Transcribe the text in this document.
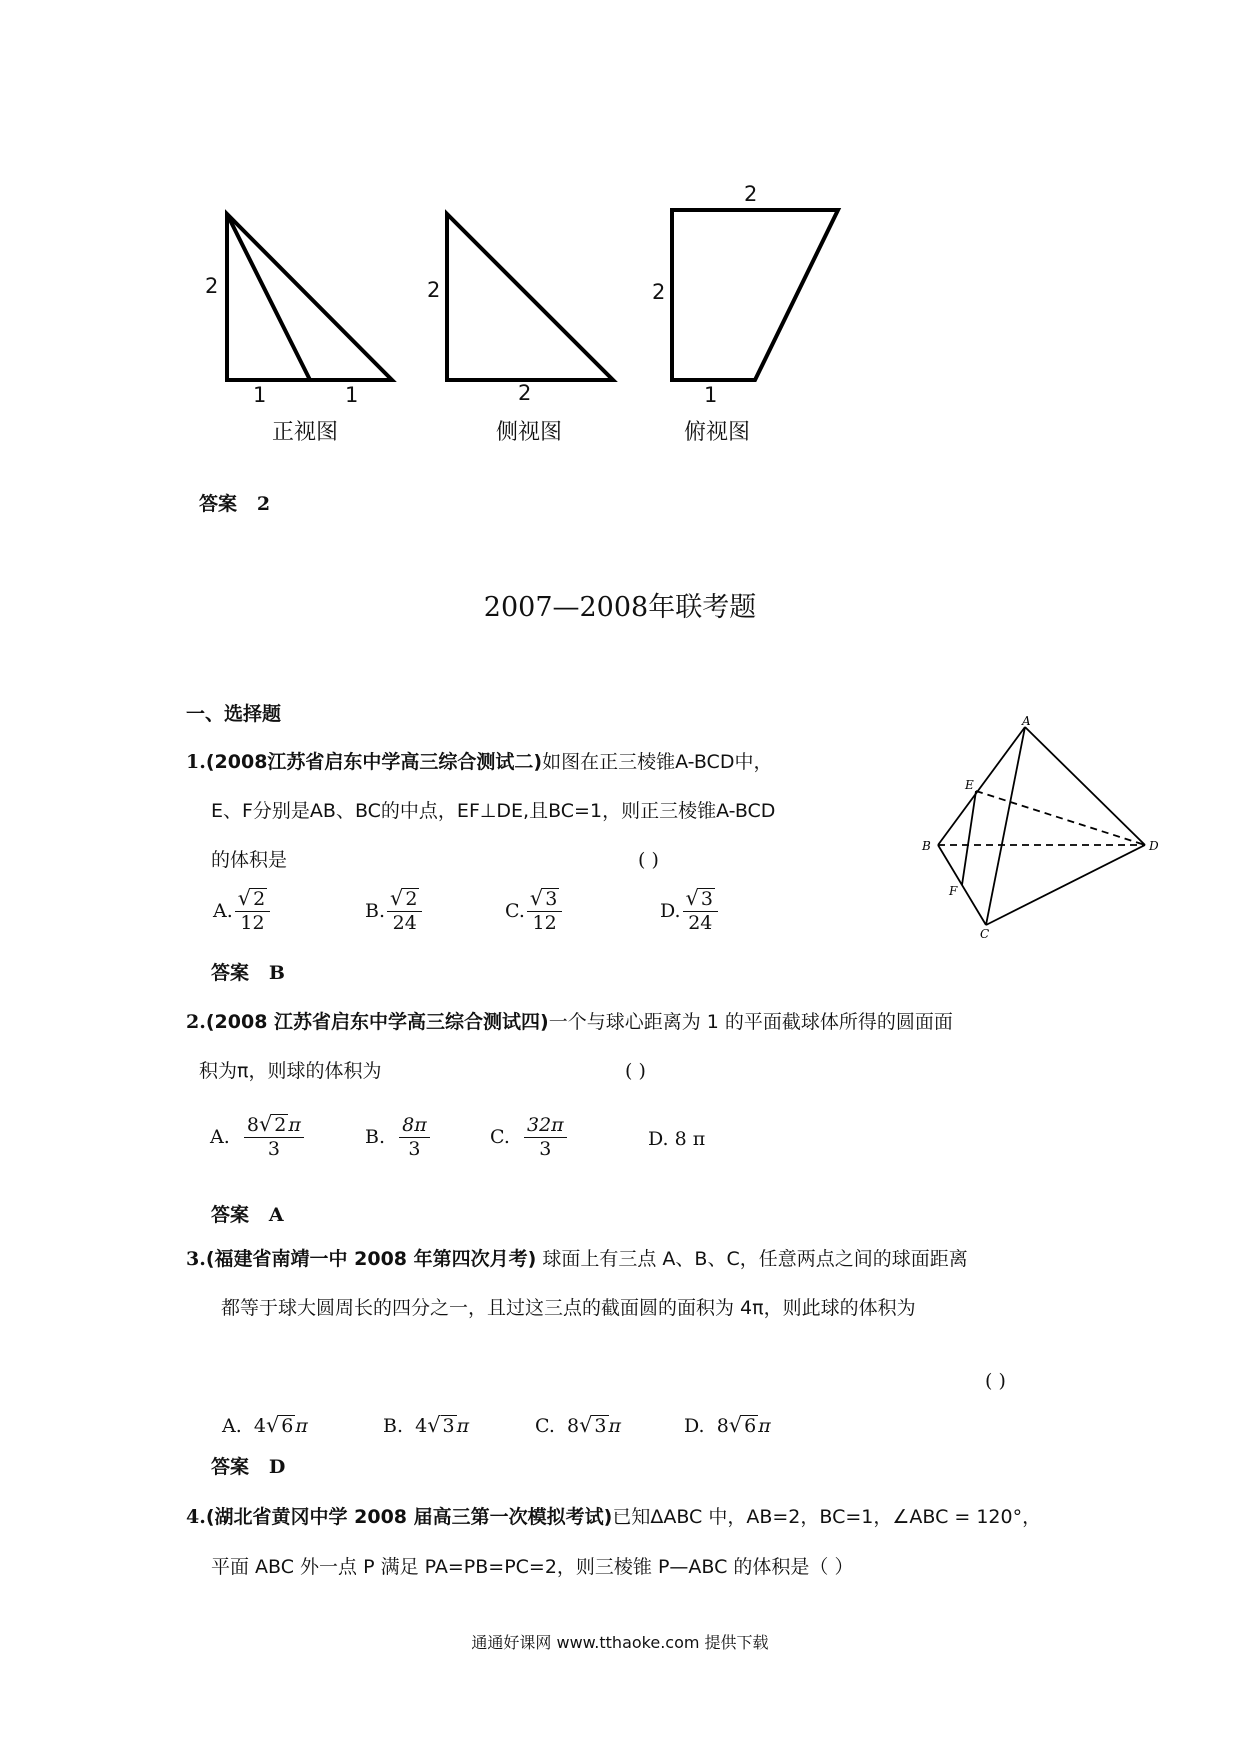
2
1	1
正视图
2
2
侧视图
2
2
1
俯视图
答案 2
2007—2008年联考题
一、选择题
1.(2008江苏省启东中学高三综合测试二)如图在正三棱锥A-BCD中，
E、F分别是AB、BC的中点，EF⊥DE,且BC=1，则正三棱锥A-BCD
的体积是	( )
A. $\frac{√ 2}{12}$	B. $\frac{√ 2}{24}$	C. $\frac{√ 3}{12}$	D. $\frac{√ 3}{24}$
答案 B
A
B
C
D
E
F
2.(2008 江苏省启东中学高三综合测试四)一个与球心距离为 1 的平面截球体所得的圆面面
积为π，则球的体积为	( )
A.
$\frac{8 √ 2 \pi}{3}$	B.
$\frac{8\pi}{3}$	C.
$\frac{32\pi}{3}$	D.
8 π
答案 A
3.(福建省南靖一中 2008 年第四次月考) 球面上有三点 A、B、C，任意两点之间的球面距离
都等于球大圆周长的四分之一，且过这三点的截面圆的面积为 4π，则此球的体积为
( )
A.
4 √ 6 π	B.
4 √ 3 π	C.
8 √ 3 π	D.
8 √ 6 π
答案 D
4.(湖北省黄冈中学 2008 届高三第一次模拟考试)已知ΔABC 中，AB=2，BC=1，∠ABC = 120°，
平面 ABC 外一点 P 满足 PA=PB=PC=2，则三棱锥 P—ABC 的体积是（ ）
通通好课网 www.tthaoke.com 提供下载
